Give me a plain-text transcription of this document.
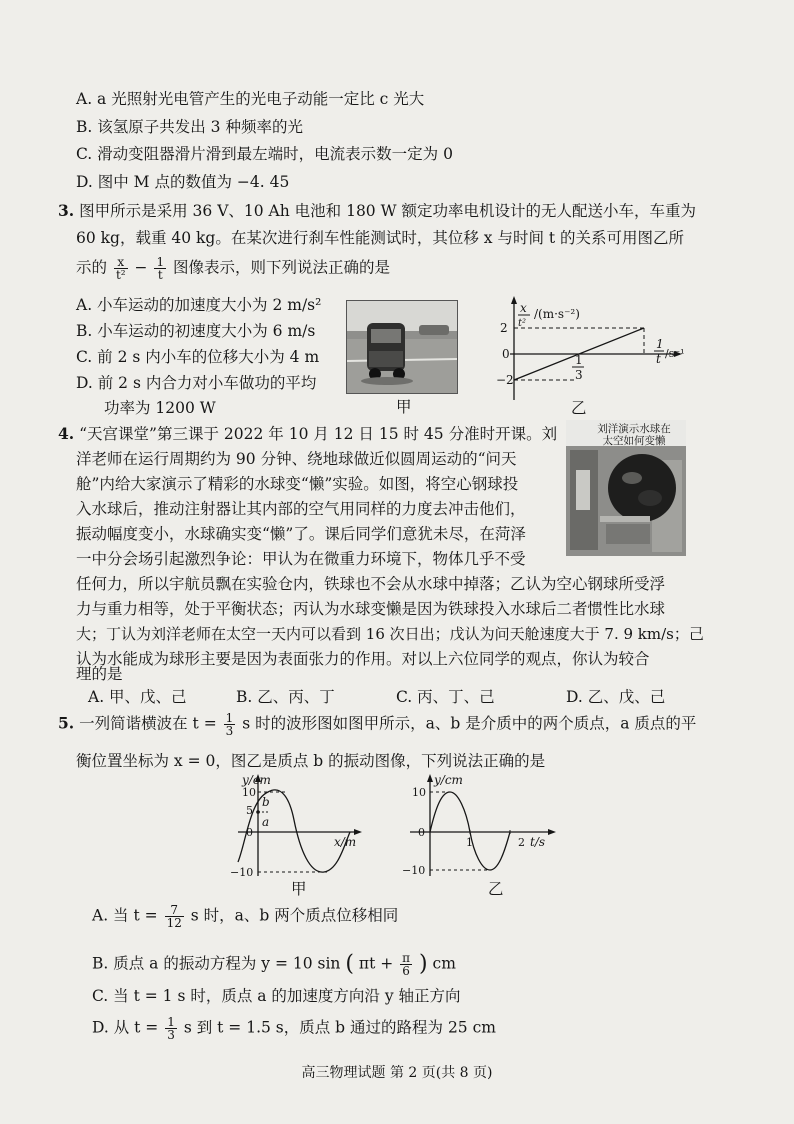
A. a 光照射光电管产生的光电子动能一定比 c 光大
B. 该氢原子共发出 3 种频率的光
C. 滑动变阻器滑片滑到最左端时，电流表示数一定为 0
D. 图中 M 点的数值为 −4. 45
3. 图甲所示是采用 36 V、10 Ah 电池和 180 W 额定功率电机设计的无人配送小车，车重为
60 kg，载重 40 kg。在某次进行刹车性能测试时，其位移 x 与时间 t 的关系可用图乙所
示的 $\frac{x}{\text{t²}} - \frac{1}{t}$ 图像表示，则下列说法正确的是
A. 小车运动的加速度大小为 2 m/s²
B. 小车运动的初速度大小为 6 m/s
C. 前 2 s 内小车的位移大小为 4 m
D. 前 2 s 内合力对小车做功的平均
功率为 1200 W	甲
x
t²
/(m·s⁻²)
2
−2
0	1
3
1
t /s⁻¹
乙
4. “天宫课堂”第三课于 2022 年 10 月 12 日 15 时 45 分准时开课。刘
洋老师在运行周期约为 90 分钟、绕地球做近似圆周运动的“问天
舱”内给大家演示了精彩的水球变“懒”实验。如图，将空心钢球投
入水球后，推动注射器让其内部的空气用同样的力度去冲击他们，
振动幅度变小，水球确实变“懒”了。课后同学们意犹未尽，在菏泽
一中分会场引起激烈争论：甲认为在微重力环境下，物体几乎不受
任何力，所以宇航员飘在实验仓内，铁球也不会从水球中掉落；乙认为空心钢球所受浮
力与重力相等，处于平衡状态；丙认为水球变懒是因为铁球投入水球后二者惯性比水球
大；丁认为刘洋老师在太空一天内可以看到 16 次日出；戊认为问天舱速度大于 7. 9 km/s；己
认为水能成为球形主要是因为表面张力的作用。对以上六位同学的观点，你认为较合
理的是
刘洋演示水球在
太空如何变懒
A. 甲、戊、己	B. 乙、丙、丁	C. 丙、丁、己	D. 乙、戊、己
5. 一列简谐横波在 $t = \frac{1}{3}$ s 时的波形图如图甲所示，a、b 是介质中的两个质点，a 质点的平
衡位置坐标为 x = 0，图乙是质点 b 的振动图像，下列说法正确的是
y/cm
10
5
0
−10
a
b
x/m
甲
y/cm
10
0
−10
1	2 t/s
乙
A. 当 $t = \frac{7}{12}$ s 时，a、b 两个质点位移相同
B. 质点 a 的振动方程为 y = 10 sin ( $\pi t + \frac{\pi}{6}$ ) cm
C. 当 t = 1 s 时，质点 a 的加速度方向沿 y 轴正方向
D. 从 $t = \frac{1}{3}$ s 到 t = 1.5 s，质点 b 通过的路程为 25 cm
高三物理试题 第 2 页(共 8 页)
